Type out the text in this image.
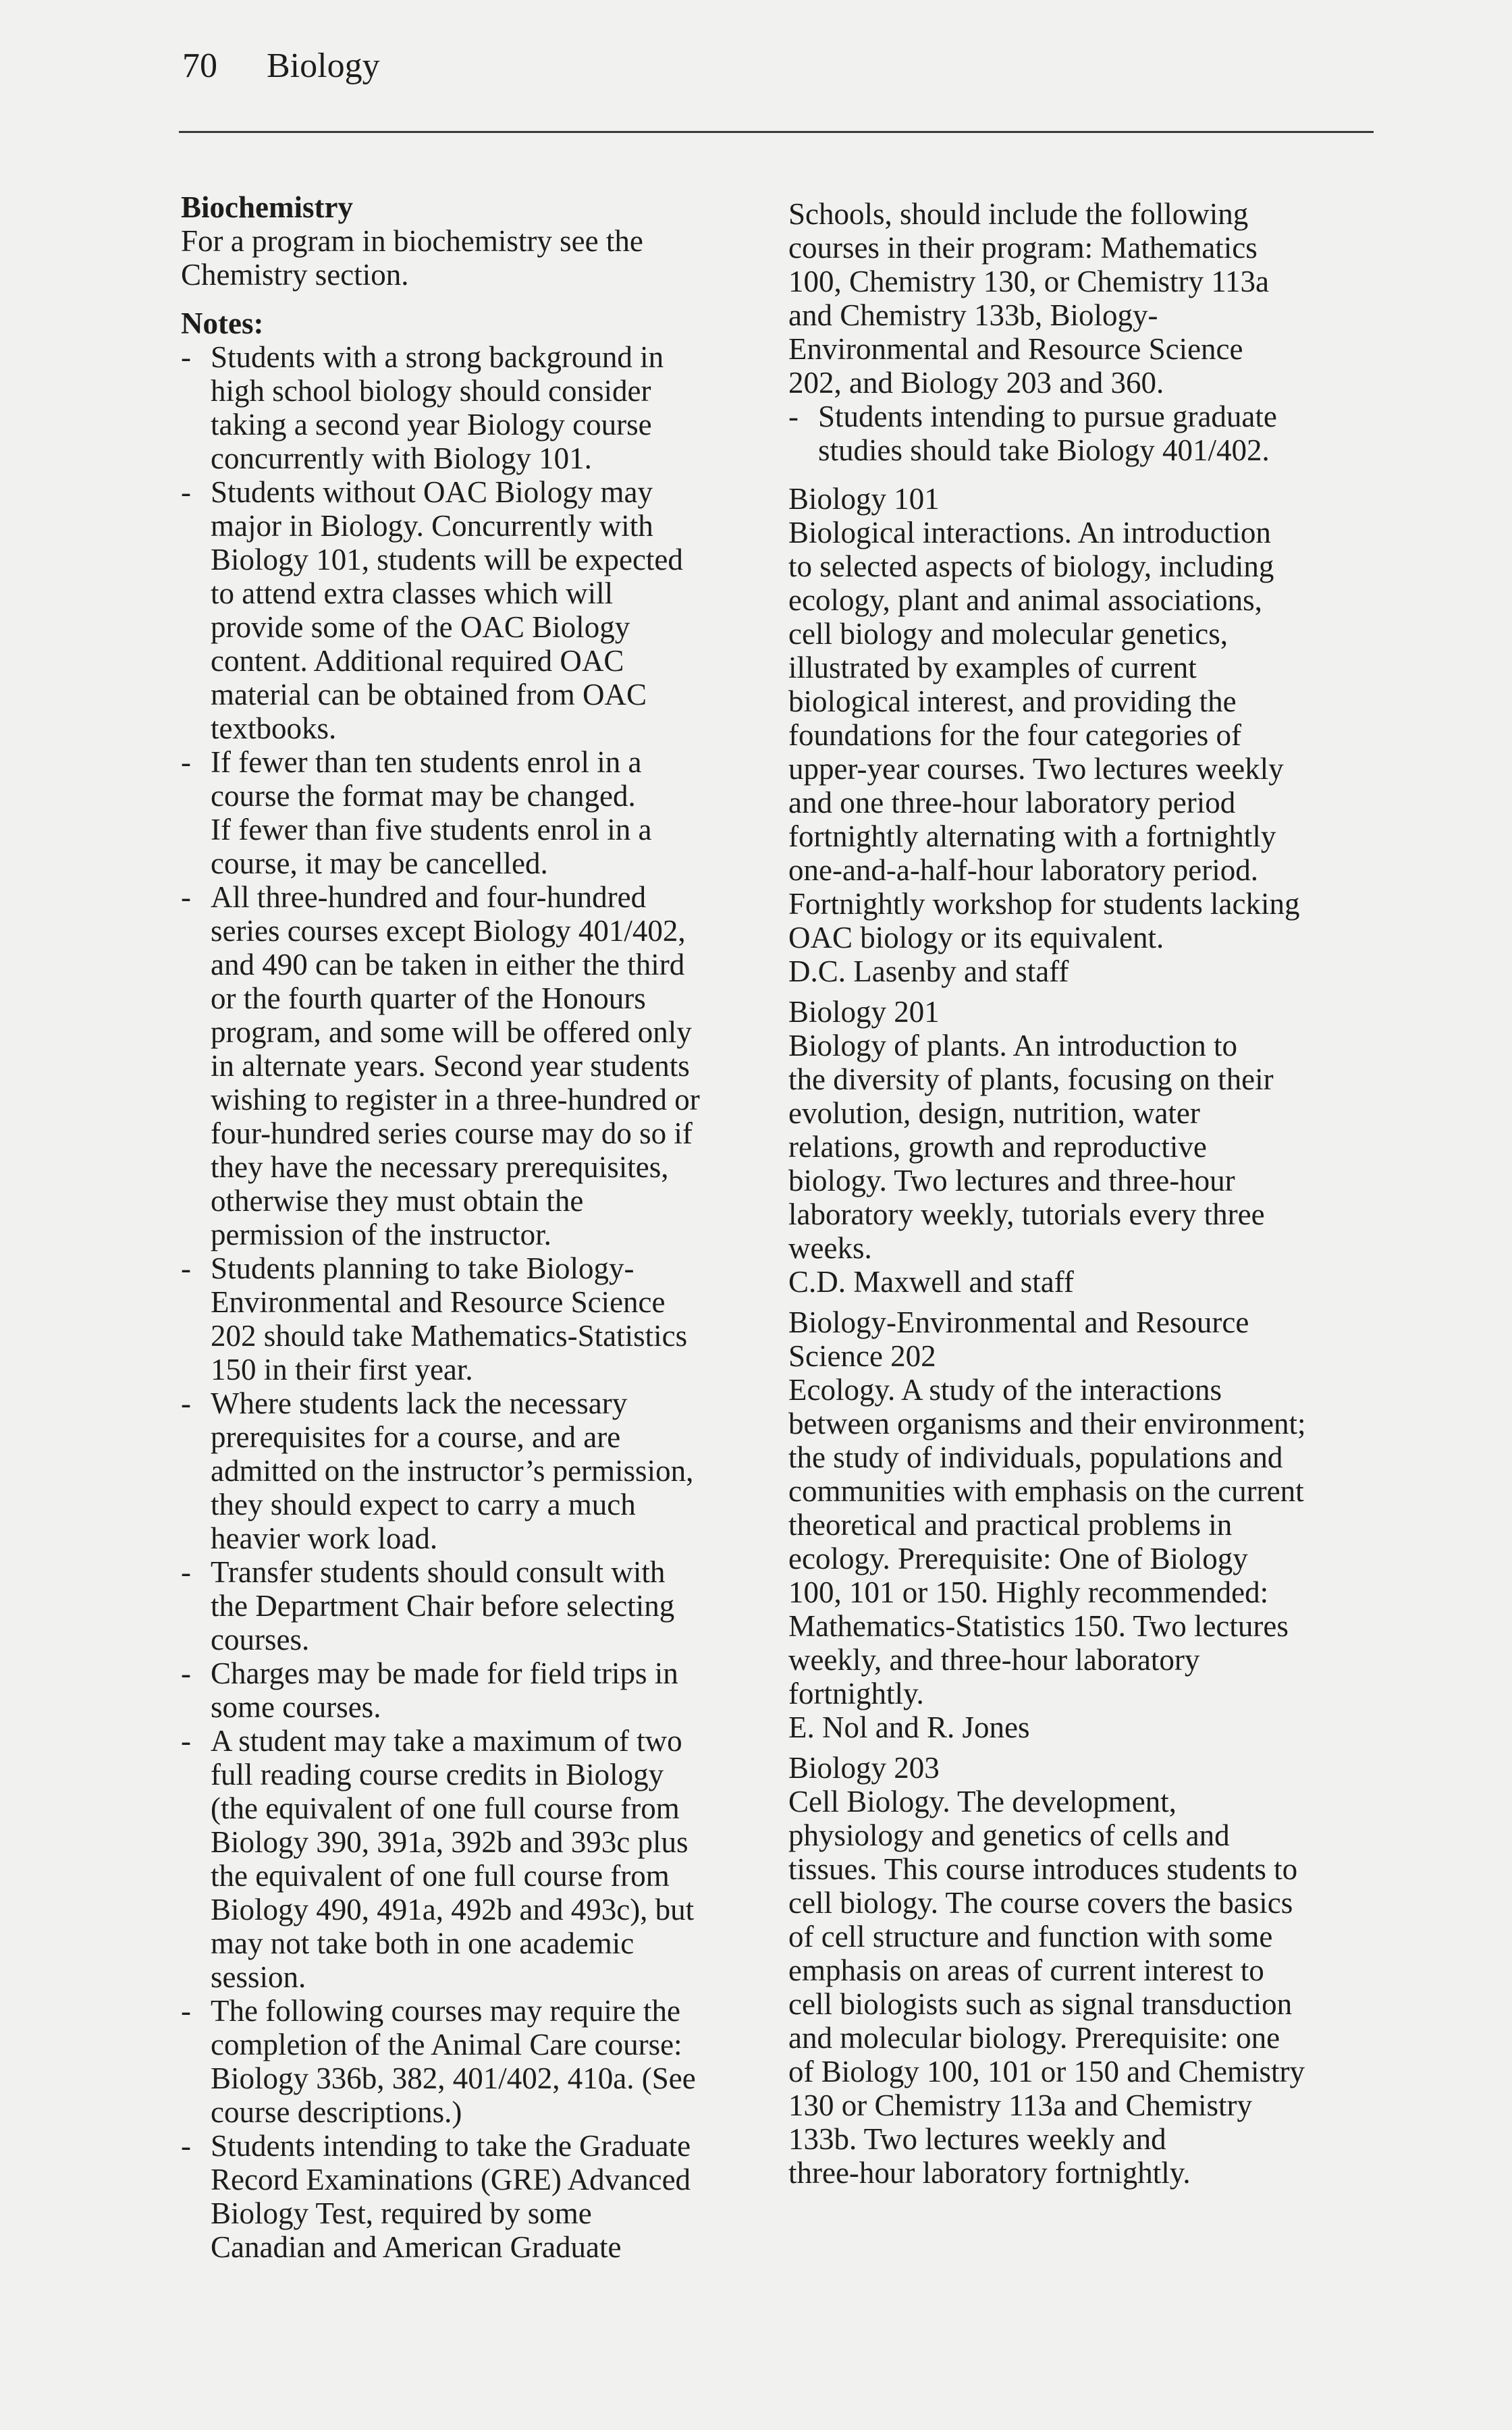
70 Biology
Biochemistry
For a program in biochemistry see the
Chemistry section.
Notes:
- Students with a strong background in
high school biology should consider
taking a second year Biology course
concurrently with Biology 101.
- Students without OAC Biology may
major in Biology. Concurrently with
Biology 101, students will be expected
to attend extra classes which will
provide some of the OAC Biology
content. Additional required OAC
material can be obtained from OAC
textbooks.
- If fewer than ten students enrol in a
course the format may be changed.
If fewer than five students enrol in a
course, it may be cancelled.
- All three-hundred and four-hundred
series courses except Biology 401/402,
and 490 can be taken in either the third
or the fourth quarter of the Honours
program, and some will be offered only
in alternate years. Second year students
wishing to register in a three-hundred or
four-hundred series course may do so if
they have the necessary prerequisites,
otherwise they must obtain the
permission of the instructor.
- Students planning to take Biology-
Environmental and Resource Science
202 should take Mathematics-Statistics
150 in their first year.
- Where students lack the necessary
prerequisites for a course, and are
admitted on the instructor’s permission,
they should expect to carry a much
heavier work load.
- Transfer students should consult with
the Department Chair before selecting
courses.
- Charges may be made for field trips in
some courses.
- A student may take a maximum of two
full reading course credits in Biology
(the equivalent of one full course from
Biology 390, 391a, 392b and 393c plus
the equivalent of one full course from
Biology 490, 491a, 492b and 493c), but
may not take both in one academic
session.
- The following courses may require the
completion of the Animal Care course:
Biology 336b, 382, 401/402, 410a. (See
course descriptions.)
- Students intending to take the Graduate
Record Examinations (GRE) Advanced
Biology Test, required by some
Canadian and American Graduate
Schools, should include the following
courses in their program: Mathematics
100, Chemistry 130, or Chemistry 113a
and Chemistry 133b, Biology-
Environmental and Resource Science
202, and Biology 203 and 360.
- Students intending to pursue graduate
studies should take Biology 401/402.
Biology 101
Biological interactions. An introduction
to selected aspects of biology, including
ecology, plant and animal associations,
cell biology and molecular genetics,
illustrated by examples of current
biological interest, and providing the
foundations for the four categories of
upper-year courses. Two lectures weekly
and one three-hour laboratory period
fortnightly alternating with a fortnightly
one-and-a-half-hour laboratory period.
Fortnightly workshop for students lacking
OAC biology or its equivalent.
D.C. Lasenby and staff
Biology 201
Biology of plants. An introduction to
the diversity of plants, focusing on their
evolution, design, nutrition, water
relations, growth and reproductive
biology. Two lectures and three-hour
laboratory weekly, tutorials every three
weeks.
C.D. Maxwell and staff
Biology-Environmental and Resource
Science 202
Ecology. A study of the interactions
between organisms and their environment;
the study of individuals, populations and
communities with emphasis on the current
theoretical and practical problems in
ecology. Prerequisite: One of Biology
100, 101 or 150. Highly recommended:
Mathematics-Statistics 150. Two lectures
weekly, and three-hour laboratory
fortnightly.
E. Nol and R. Jones
Biology 203
Cell Biology. The development,
physiology and genetics of cells and
tissues. This course introduces students to
cell biology. The course covers the basics
of cell structure and function with some
emphasis on areas of current interest to
cell biologists such as signal transduction
and molecular biology. Prerequisite: one
of Biology 100, 101 or 150 and Chemistry
130 or Chemistry 113a and Chemistry
133b. Two lectures weekly and
three-hour laboratory fortnightly.
